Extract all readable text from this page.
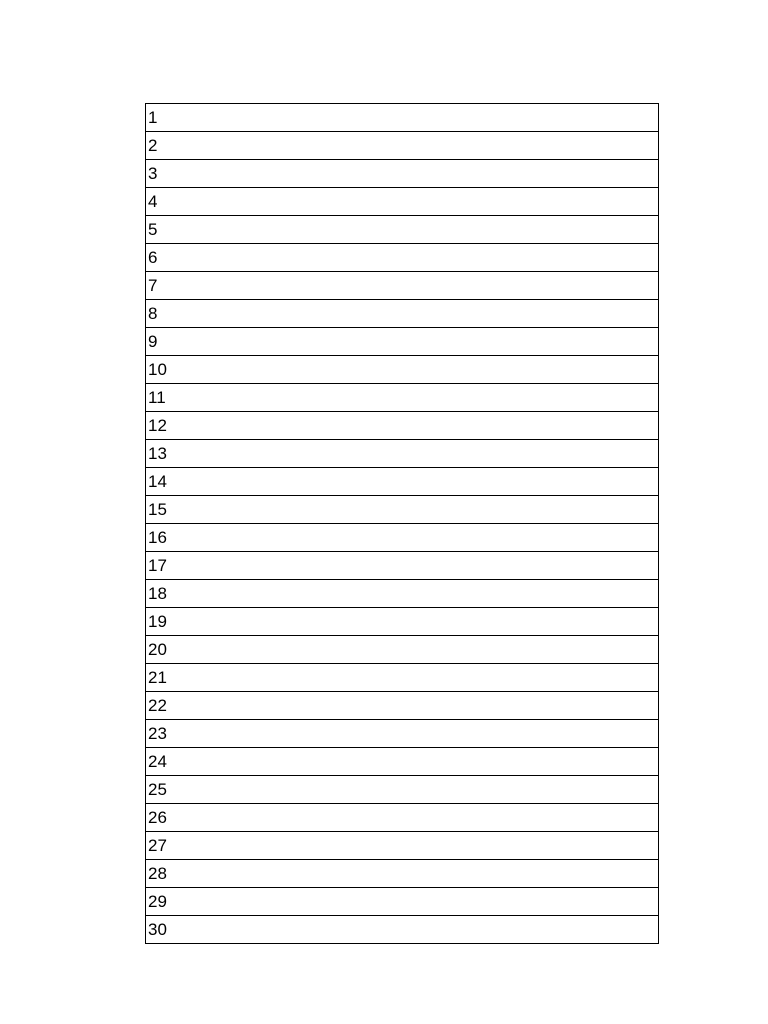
1
2
3
4
5
6
7
8
9
10
11
12
13
14
15
16
17
18
19
20
21
22
23
24
25
26
27
28
29
30
